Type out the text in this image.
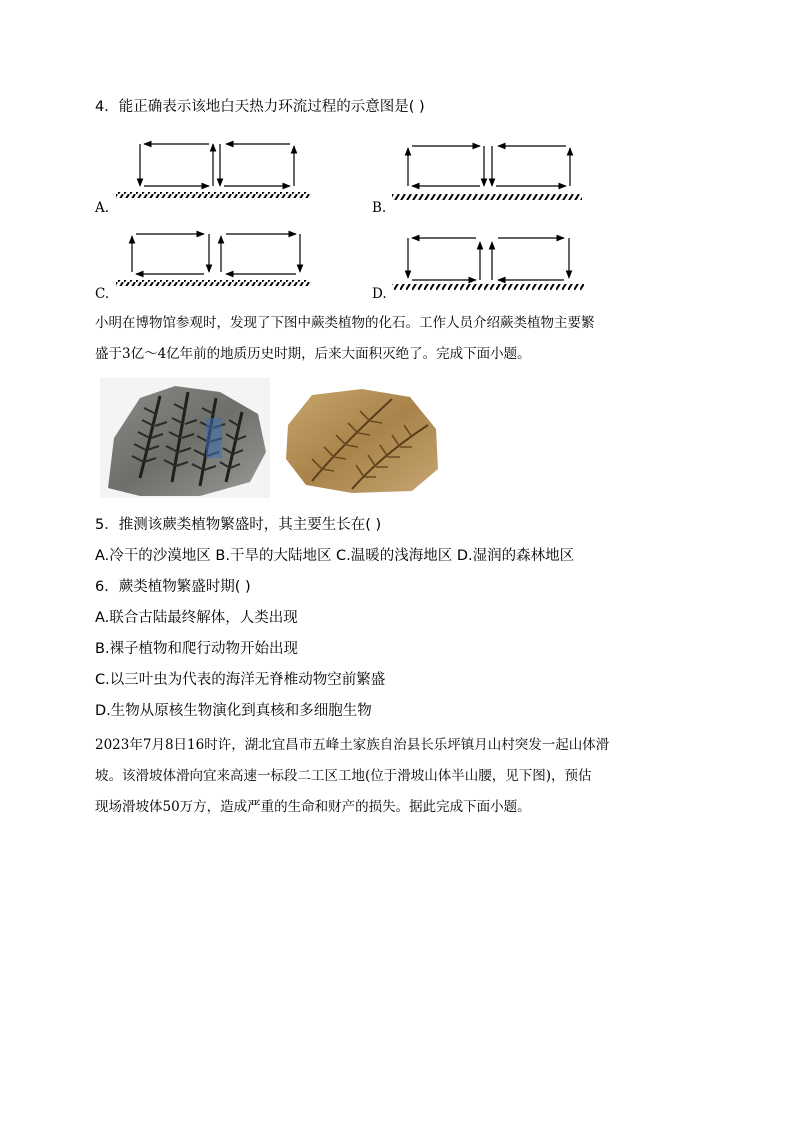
4．能正确表示该地白天热力环流过程的示意图是( )
A.	B.
C.	D.
小明在博物馆参观时，发现了下图中蕨类植物的化石。工作人员介绍蕨类植物主要繁
盛于3亿～4亿年前的地质历史时期，后来大面积灭绝了。完成下面小题。
5．推测该蕨类植物繁盛时，其主要生长在( )
A.冷干的沙漠地区 B.干旱的大陆地区 C.温暖的浅海地区 D.湿润的森林地区
6．蕨类植物繁盛时期( )
A.联合古陆最终解体，人类出现
B.裸子植物和爬行动物开始出现
C.以三叶虫为代表的海洋无脊椎动物空前繁盛
D.生物从原核生物演化到真核和多细胞生物
2023年7月8日16时许，湖北宜昌市五峰土家族自治县长乐坪镇月山村突发一起山体滑
坡。该滑坡体滑向宜来高速一标段二工区工地(位于滑坡山体半山腰，见下图)，预估
现场滑坡体50万方，造成严重的生命和财产的损失。据此完成下面小题。
